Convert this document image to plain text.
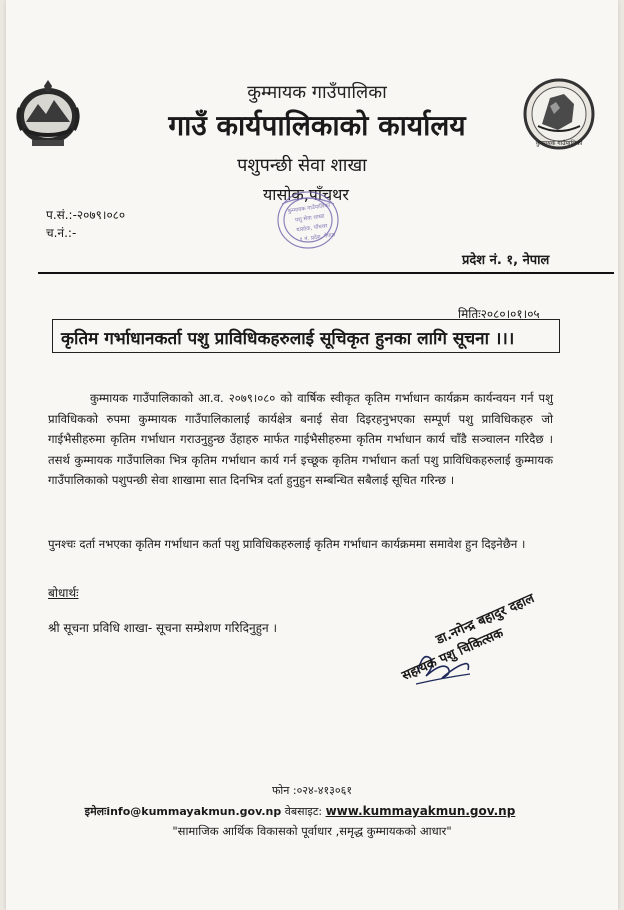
कुम्मायक गाउँपालिका
कुम्मायक गाउँपालिका
गाउँ कार्यपालिकाको कार्यालय
पशुपन्छी सेवा शाखा
यासोक,पाँचथर
कुम्मायक गाउँपालिका
पशु सेवा शाखा
यासोक, पाँचथर
१ नं. प्रदेश, नेपाल
प.सं.:-२०७९।०८०
च.नं.:-
प्रदेश नं. १, नेपाल
मितिः२०८०।०१।०५
कृतिम गर्भाधानकर्ता पशु प्राविधिकहरुलाई सूचिकृत हुनका लागि सूचना ।।।
कुम्मायक गाउँपालिकाको आ.व. २०७९।०८० को वार्षिक स्वीकृत कृतिम गर्भाधान कार्यक्रम कार्यन्वयन गर्न पशु प्राविधिकको रुपमा कुम्मायक गाउँपालिकालाई कार्यक्षेत्र बनाई सेवा दिइरहनुभएका सम्पूर्ण पशु प्राविधिकहरु जो गाईभैसीहरुमा कृतिम गर्भाधान गराउनुहुन्छ उँहाहरु मार्फत गाईभैसीहरुमा कृतिम गर्भाधान कार्य चाँडै सञ्चालन गरिदैछ । तसर्थ कुम्मायक गाउँपालिका भित्र कृतिम गर्भाधान कार्य गर्न इच्छूक कृतिम गर्भाधान कर्ता पशु प्राविधिकहरुलाई कुम्मायक गाउँपालिकाको पशुपन्छी सेवा शाखामा सात दिनभित्र दर्ता हुनुहुन सम्बन्धित सबैलाई सूचित गरिन्छ ।
पुनश्चः दर्ता नभएका कृतिम गर्भाधान कर्ता पशु प्राविधिकहरुलाई कृतिम गर्भाधान कार्यक्रममा समावेश हुन दिइनेछैन ।
बोधार्थः
श्री सूचना प्रविधि शाखा- सूचना सम्प्रेशण गरिदिनुहुन ।	डा.नगेन्द्र बहादुर दहाल
सहायक पशु चिकित्सक
फोन :०२४-४१३०६१
इमेलःinfo@kummayakmun.gov.np वेबसाइट: www.kummayakmun.gov.np
"सामाजिक आर्थिक विकासको पूर्वाधार ,समृद्ध कुम्मायकको आधार"
